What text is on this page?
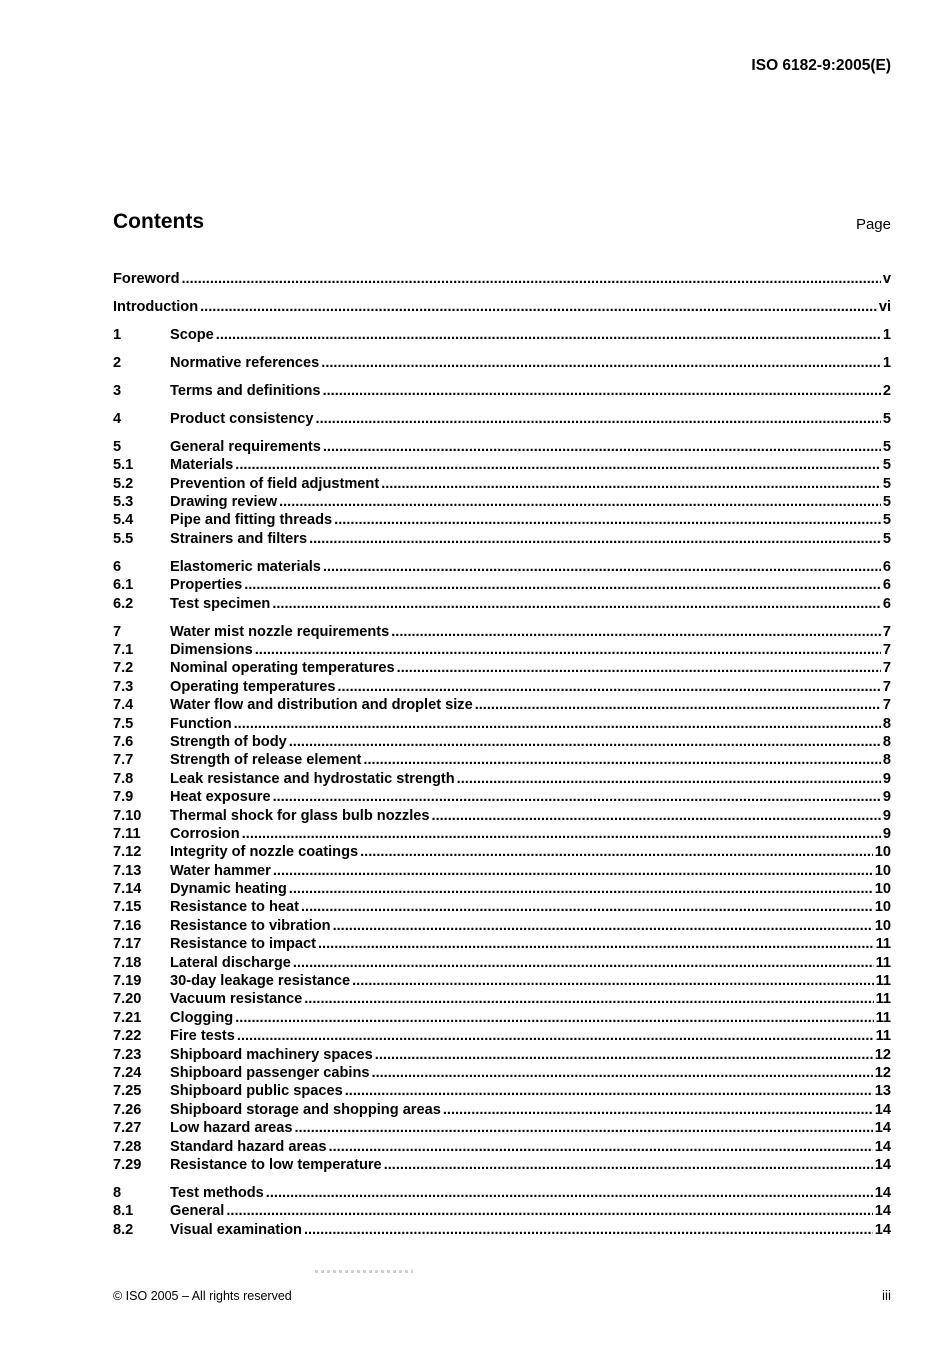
ISO 6182-9:2005(E)
Contents	Page
Foreword .....	v
Introduction .....	vi
1	Scope .....	1
2	Normative references .....	1
3	Terms and definitions .....	2
4	Product consistency .....	5
5	General requirements .....	5
5.1	Materials .....	5
5.2	Prevention of field adjustment .....	5
5.3	Drawing review .....	5
5.4	Pipe and fitting threads .....	5
5.5	Strainers and filters .....	5
6	Elastomeric materials .....	6
6.1	Properties .....	6
6.2	Test specimen .....	6
7	Water mist nozzle requirements .....	7
7.1	Dimensions .....	7
7.2	Nominal operating temperatures .....	7
7.3	Operating temperatures .....	7
7.4	Water flow and distribution and droplet size .....	7
7.5	Function .....	8
7.6	Strength of body .....	8
7.7	Strength of release element .....	8
7.8	Leak resistance and hydrostatic strength .....	9
7.9	Heat exposure .....	9
7.10	Thermal shock for glass bulb nozzles .....	9
7.11	Corrosion .....	9
7.12	Integrity of nozzle coatings .....	10
7.13	Water hammer .....	10
7.14	Dynamic heating .....	10
7.15	Resistance to heat .....	10
7.16	Resistance to vibration .....	10
7.17	Resistance to impact .....	11
7.18	Lateral discharge .....	11
7.19	30-day leakage resistance .....	11
7.20	Vacuum resistance .....	11
7.21	Clogging .....	11
7.22	Fire tests .....	11
7.23	Shipboard machinery spaces .....	12
7.24	Shipboard passenger cabins .....	12
7.25	Shipboard public spaces .....	13
7.26	Shipboard storage and shopping areas .....	14
7.27	Low hazard areas .....	14
7.28	Standard hazard areas .....	14
7.29	Resistance to low temperature .....	14
8	Test methods .....	14
8.1	General .....	14
8.2	Visual examination .....	14
© ISO 2005 – All rights reserved	iii
